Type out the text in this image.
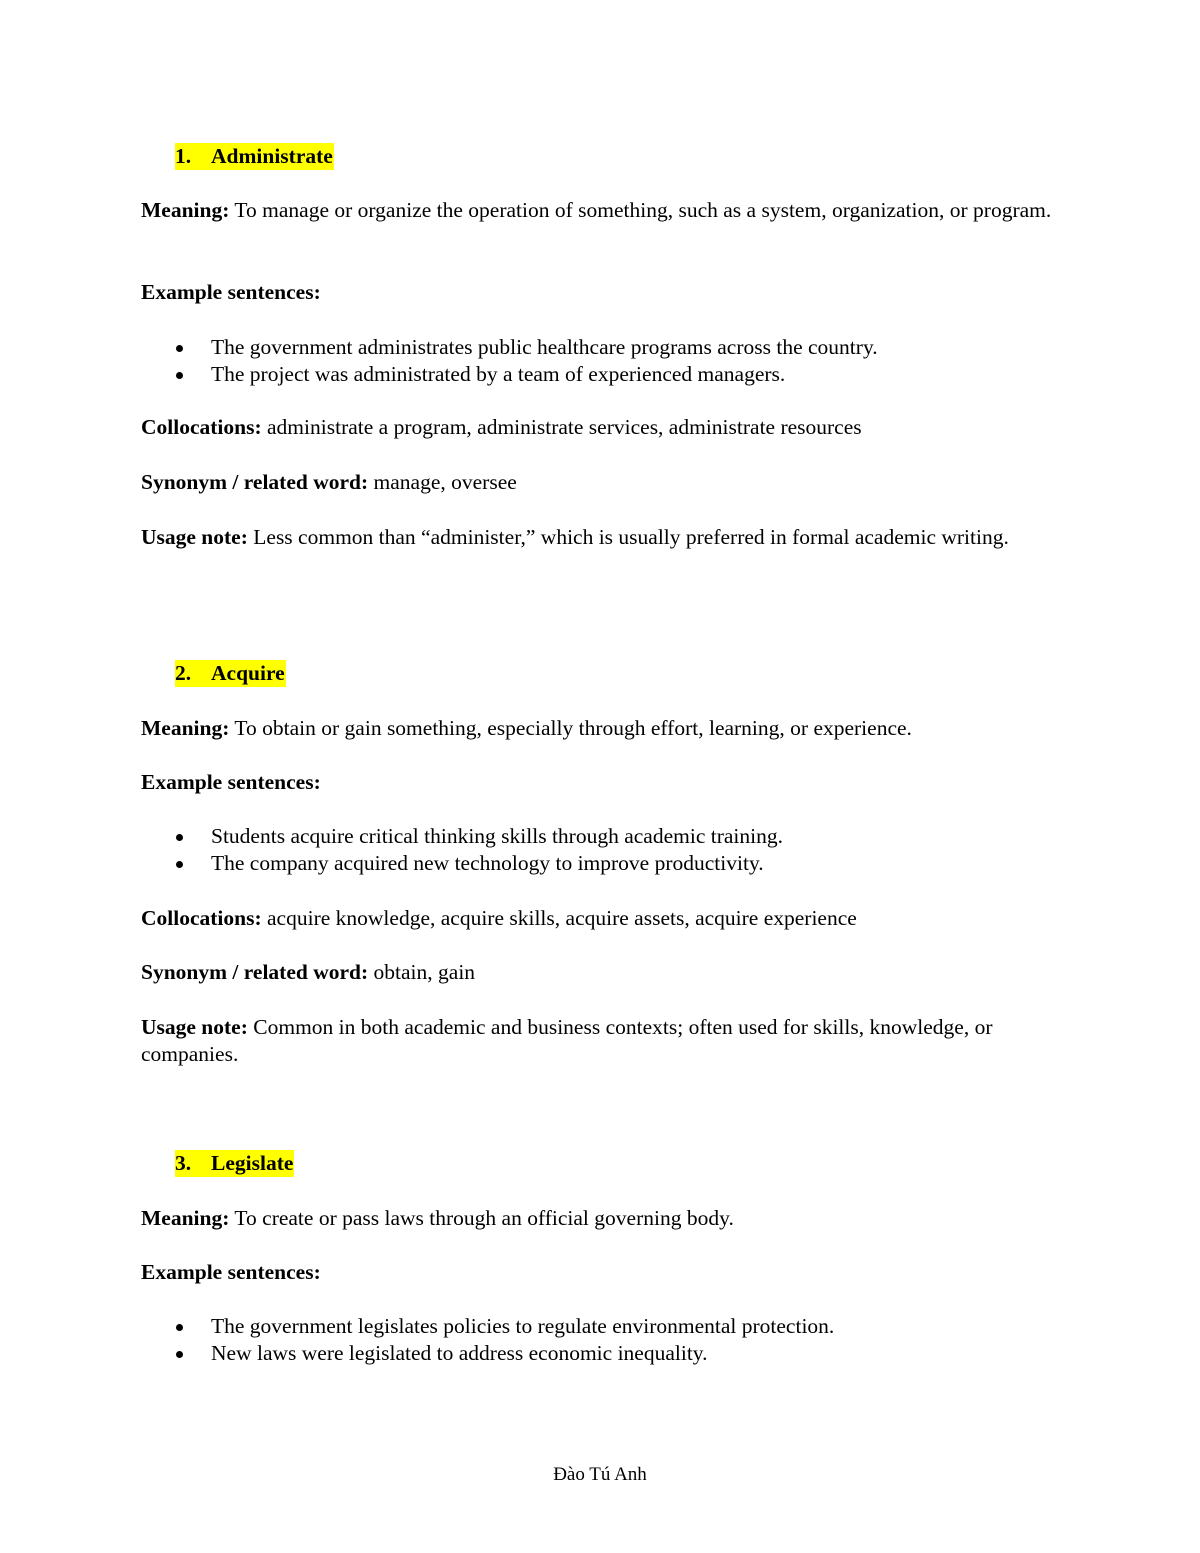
1. Administrate

Meaning: To manage or organize the operation of something, such as a system, organization, or program.

Example sentences:

The government administrates public healthcare programs across the country.
The project was administrated by a team of experienced managers.

Collocations: administrate a program, administrate services, administrate resources

Synonym / related word: manage, oversee

Usage note: Less common than “administer,” which is usually preferred in formal academic writing.

2. Acquire

Meaning: To obtain or gain something, especially through effort, learning, or experience.

Example sentences:

Students acquire critical thinking skills through academic training.
The company acquired new technology to improve productivity.

Collocations: acquire knowledge, acquire skills, acquire assets, acquire experience

Synonym / related word: obtain, gain

Usage note: Common in both academic and business contexts; often used for skills, knowledge, or companies.

3. Legislate

Meaning: To create or pass laws through an official governing body.

Example sentences:

The government legislates policies to regulate environmental protection.
New laws were legislated to address economic inequality.
Đào Tú Anh
